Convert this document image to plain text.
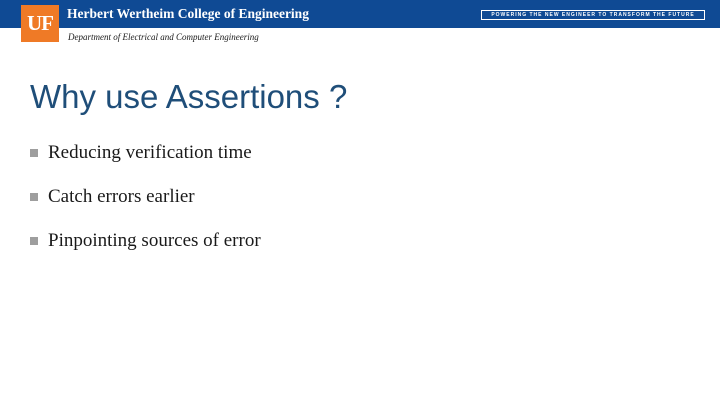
Herbert Wertheim College of Engineering	POWERING THE NEW ENGINEER TO TRANSFORM THE FUTURE
UF
Department of Electrical and Computer Engineering
Why use Assertions ?
Reducing verification time
Catch errors earlier
Pinpointing sources of error
